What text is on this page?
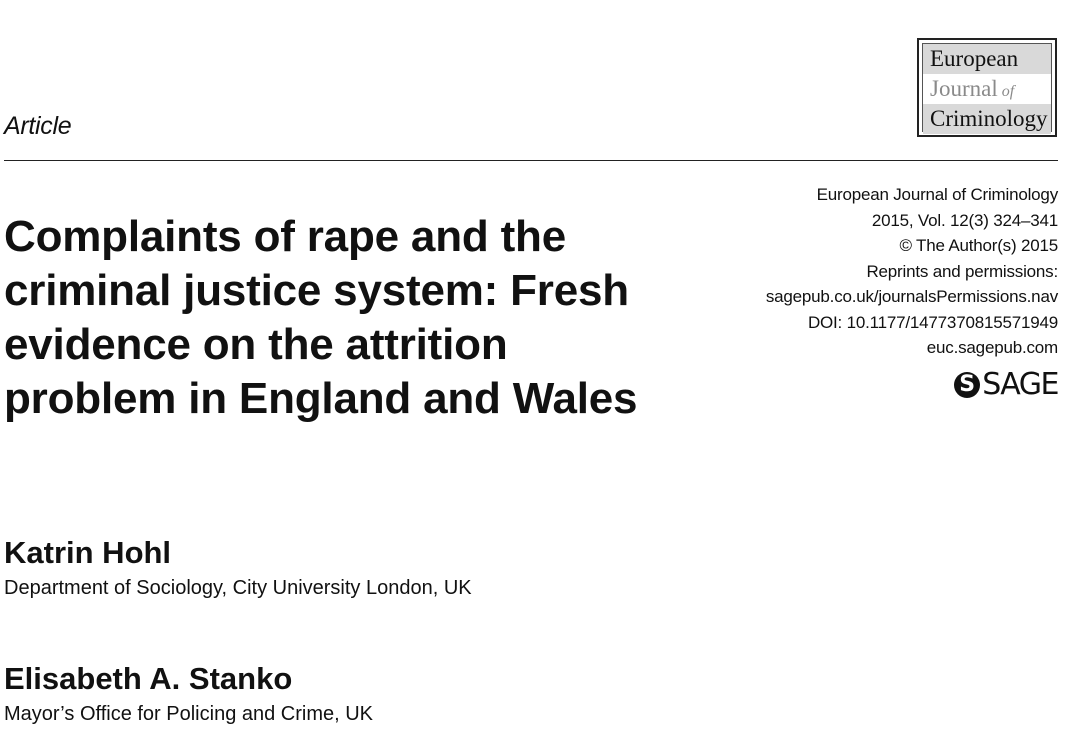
European
Journal of
Criminology
Article
Complaints of rape and the
criminal justice system: Fresh
evidence on the attrition
problem in England and Wales
European Journal of Criminology
2015, Vol. 12(3) 324–341
© The Author(s) 2015
Reprints and permissions:
sagepub.co.uk/journalsPermissions.nav
DOI: 10.1177/1477370815571949
euc.sagepub.com
S SAGE
Katrin Hohl

Department of Sociology, City University London, UK

Elisabeth A. Stanko

Mayor’s Office for Policing and Crime, UK
